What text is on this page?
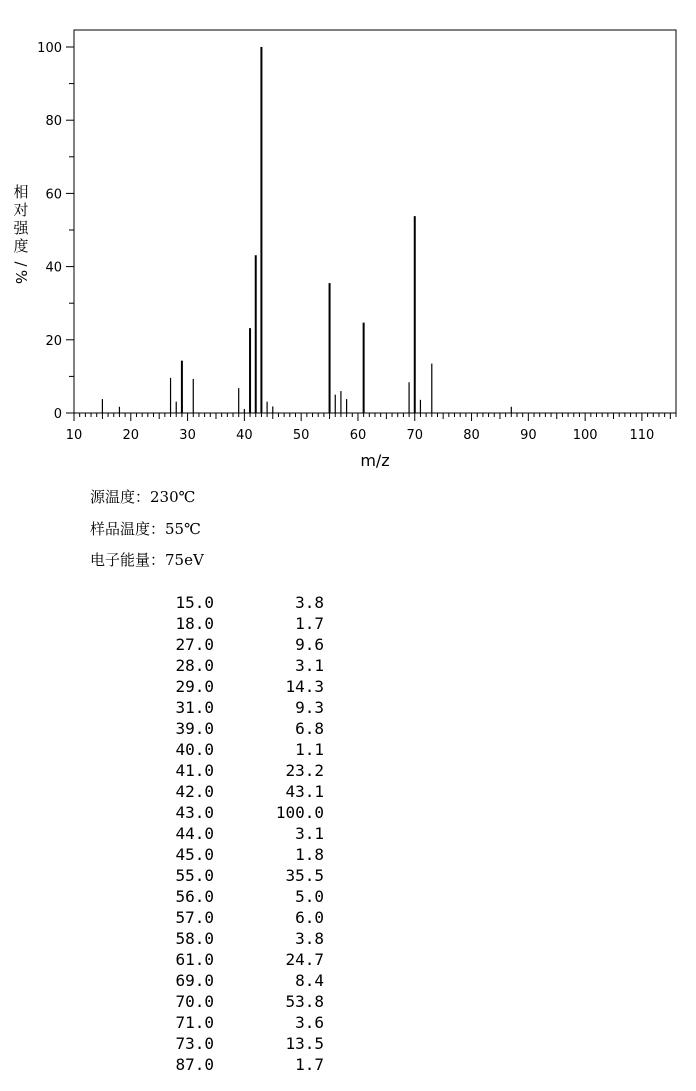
10	20	30	40	50	60	70	80	90	100 110
0
20
40
60
80
100
m/z
相
对
强
度
/
%
源温度：230℃
样品温度：55℃
电子能量：75eV
15.0	3.8
18.0	1.7
27.0	9.6
28.0	3.1
29.0	14.3
31.0	9.3
39.0	6.8
40.0	1.1
41.0	23.2
42.0	43.1
43.0	100.0
44.0	3.1
45.0	1.8
55.0	35.5
56.0	5.0
57.0	6.0
58.0	3.8
61.0	24.7
69.0	8.4
70.0	53.8
71.0	3.6
73.0	13.5
87.0	1.7
